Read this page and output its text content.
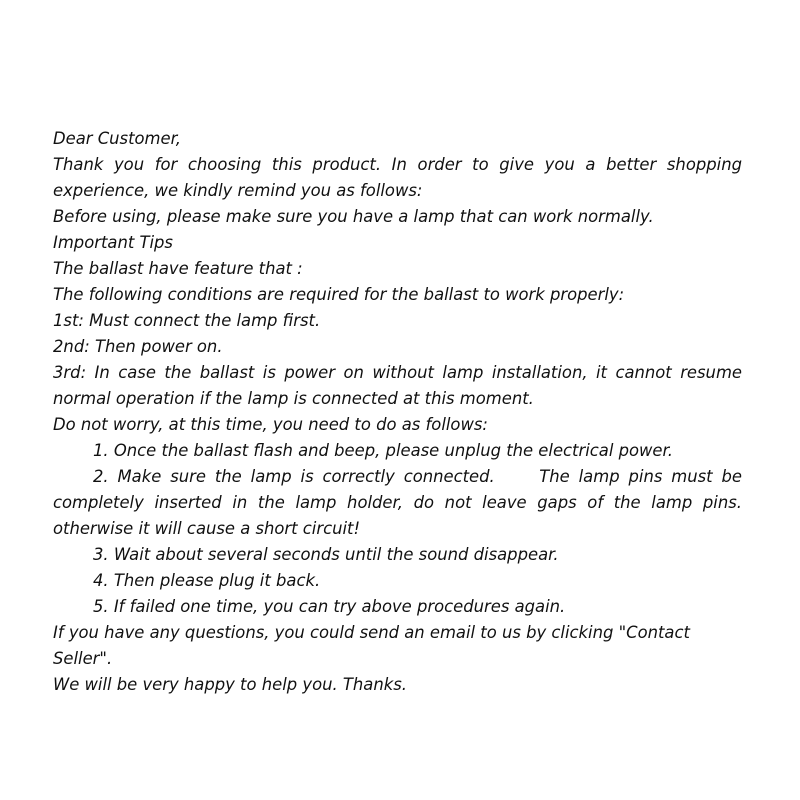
Dear Customer,

Thank you for choosing this product. In order to give you a better shopping experience, we kindly remind you as follows:

Before using, please make sure you have a lamp that can work normally.

Important Tips

The ballast have feature that :

The following conditions are required for the ballast to work properly:

1st: Must connect the lamp first.

2nd: Then power on.

3rd: In case the ballast is power on without lamp installation, it cannot resume normal operation if the lamp is connected at this moment.

Do not worry, at this time, you need to do as follows:

1. Once the ballast flash and beep, please unplug the electrical power.

2. Make sure the lamp is correctly connected.     The lamp pins must be completely inserted in the lamp holder, do not leave gaps of the lamp pins. otherwise it will cause a short circuit!

3. Wait about several seconds until the sound disappear.

4. Then please plug it back.

5. If failed one time, you can try above procedures again.

If you have any questions, you could send an email to us by clicking "Contact Seller".

We will be very happy to help you. Thanks.
